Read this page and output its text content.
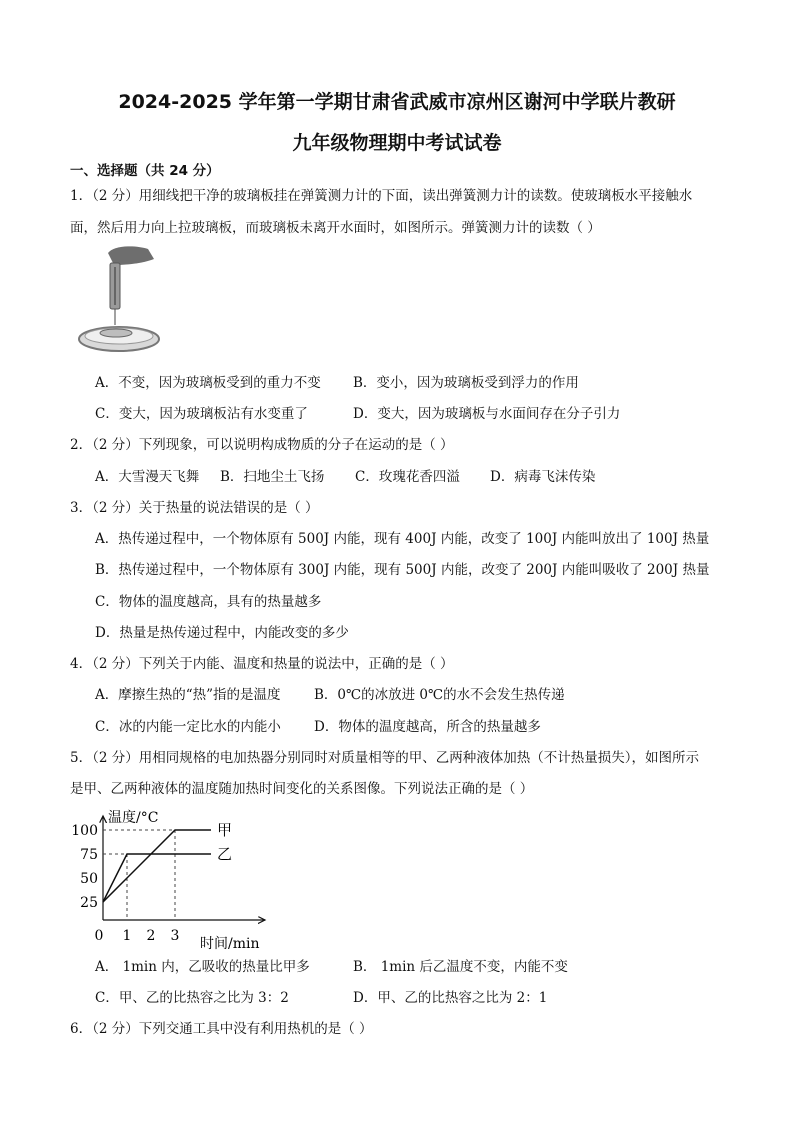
2024-2025 学年第一学期甘肃省武威市凉州区谢河中学联片教研
九年级物理期中考试试卷
一、选择题（共 24 分）
1．（2 分）用细线把干净的玻璃板挂在弹簧测力计的下面，读出弹簧测力计的读数。使玻璃板水平接触水
面，然后用力向上拉玻璃板，而玻璃板未离开水面时，如图所示。弹簧测力计的读数（ ）
A．不变，因为玻璃板受到的重力不变 B．变小，因为玻璃板受到浮力的作用
C．变大，因为玻璃板沾有水变重了	D．变大，因为玻璃板与水面间存在分子引力
2．（2 分）下列现象，可以说明构成物质的分子在运动的是（ ）
A．大雪漫天飞舞 B．扫地尘土飞扬 C．玫瑰花香四溢 D．病毒飞沫传染
3．（2 分）关于热量的说法错误的是（ ）
A．热传递过程中，一个物体原有 500J 内能，现有 400J 内能，改变了 100J 内能叫放出了 100J 热量
B．热传递过程中，一个物体原有 300J 内能，现有 500J 内能，改变了 200J 内能叫吸收了 200J 热量
C．物体的温度越高，具有的热量越多
D．热量是热传递过程中，内能改变的多少
4．（2 分）下列关于内能、温度和热量的说法中，正确的是（ ）
A．摩擦生热的“热”指的是温度 B．0℃的冰放进 0℃的水不会发生热传递
C．冰的内能一定比水的内能小 D．物体的温度越高，所含的热量越多
5．（2 分）用相同规格的电加热器分别同时对质量相等的甲、乙两种液体加热（不计热量损失），如图所示
是甲、乙两种液体的温度随加热时间变化的关系图像。下列说法正确的是（ ）
温度/°C
时间/min
25
50
75
100
0 1 2 3
甲
乙
A． 1min 内，乙吸收的热量比甲多	B． 1min 后乙温度不变，内能不变
C．甲、乙的比热容之比为 3：2	D．甲、乙的比热容之比为 2：1
6．（2 分）下列交通工具中没有利用热机的是（ ）
